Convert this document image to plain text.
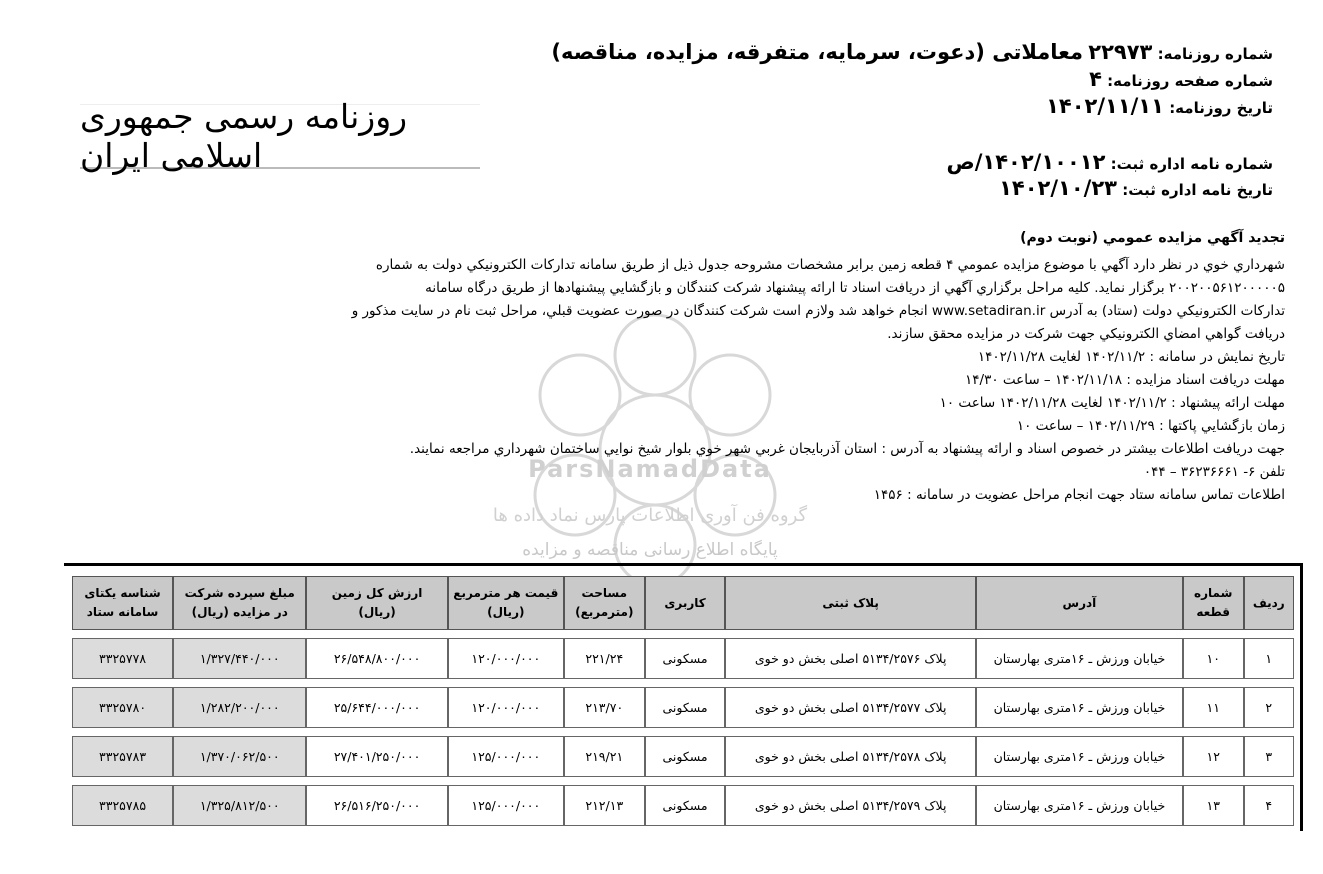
شماره روزنامه: ۲۲۹۷۳ معاملاتی (دعوت، سرمایه، متفرقه، مزایده، مناقصه)
شماره صفحه روزنامه: ۴
تاريخ روزنامه: ۱۴۰۲/۱۱/۱۱
شماره نامه اداره ثبت: ۱۴۰۲/۱۰۰۱۲/ص
تاريخ نامه اداره ثبت: ۱۴۰۲/۱۰/۲۳
روزنامه رسمی جمهوری اسلامی ایران
ParsNamadData
گروه فن آوری اطلاعات پارس نماد داده ها
پایگاه اطلاع رسانی مناقصه و مزایده
تجديد آگهي مزايده عمومي (نوبت دوم)

شهرداري خوي در نظر دارد آگهي با موضوع مزايده عمومي ۴ قطعه زمين برابر مشخصات مشروحه جدول ذيل از طريق سامانه تداركات الكترونيكي دولت به شماره

۲۰۰۲۰۰۵۶۱۲۰۰۰۰۰۵ برگزار نمايد. كليه مراحل برگزاري آگهي از دريافت اسناد تا ارائه پيشنهاد شركت كنندگان و بازگشايي پيشنهادها از طريق درگاه سامانه

تداركات الكترونيكي دولت (ستاد) به آدرس www.setadiran.ir انجام خواهد شد ولازم است شركت كنندگان در صورت عضويت قبلي، مراحل ثبت نام در سايت مذكور و

دريافت گواهي امضاي الكترونيكي جهت شركت در مزايده محقق سازند.

تاريخ نمايش در سامانه : ۱۴۰۲/۱۱/۲ لغايت ۱۴۰۲/۱۱/۲۸

مهلت دريافت اسناد مزايده : ۱۴۰۲/۱۱/۱۸ – ساعت ۱۴/۳۰

مهلت ارائه پيشنهاد : ۱۴۰۲/۱۱/۲ لغايت ۱۴۰۲/۱۱/۲۸ ساعت ۱۰

زمان بازگشايي پاكتها : ۱۴۰۲/۱۱/۲۹ – ساعت ۱۰

جهت دريافت اطلاعات بيشتر در خصوص اسناد و ارائه پيشنهاد به آدرس : استان آذربايجان غربي شهر خوي بلوار شيخ نوايي ساختمان شهرداري مراجعه نمايند.

تلفن ۶- ۳۶۲۳۶۶۶۱ – ۰۴۴

اطلاعات تماس سامانه ستاد جهت انجام مراحل عضويت در سامانه : ۱۴۵۶

رديف	شماره قطعه	آدرس	پلاک ثبتی	کاربری	مساحت (مترمربع)	قیمت هر مترمربع (ریال)	ارزش کل زمین (ریال)	مبلغ سپرده شرکت در مزایده (ریال)	شناسه یکتای سامانه ستاد

۱	۱۰	خیابان ورزش ـ ۱۶متری بهارستان	پلاک ۵۱۳۴/۲۵۷۶ اصلی بخش دو خوی	مسکونی	۲۲۱/۲۴	۱۲۰/۰۰۰/۰۰۰	۲۶/۵۴۸/۸۰۰/۰۰۰	۱/۳۲۷/۴۴۰/۰۰۰	۳۳۲۵۷۷۸

۲	۱۱	خیابان ورزش ـ ۱۶متری بهارستان	پلاک ۵۱۳۴/۲۵۷۷ اصلی بخش دو خوی	مسکونی	۲۱۳/۷۰	۱۲۰/۰۰۰/۰۰۰	۲۵/۶۴۴/۰۰۰/۰۰۰	۱/۲۸۲/۲۰۰/۰۰۰	۳۳۲۵۷۸۰

۳	۱۲	خیابان ورزش ـ ۱۶متری بهارستان	پلاک ۵۱۳۴/۲۵۷۸ اصلی بخش دو خوی	مسکونی	۲۱۹/۲۱	۱۲۵/۰۰۰/۰۰۰	۲۷/۴۰۱/۲۵۰/۰۰۰	۱/۳۷۰/۰۶۲/۵۰۰	۳۳۲۵۷۸۳

۴	۱۳	خیابان ورزش ـ ۱۶متری بهارستان	پلاک ۵۱۳۴/۲۵۷۹ اصلی بخش دو خوی	مسکونی	۲۱۲/۱۳	۱۲۵/۰۰۰/۰۰۰	۲۶/۵۱۶/۲۵۰/۰۰۰	۱/۳۲۵/۸۱۲/۵۰۰	۳۳۲۵۷۸۵
